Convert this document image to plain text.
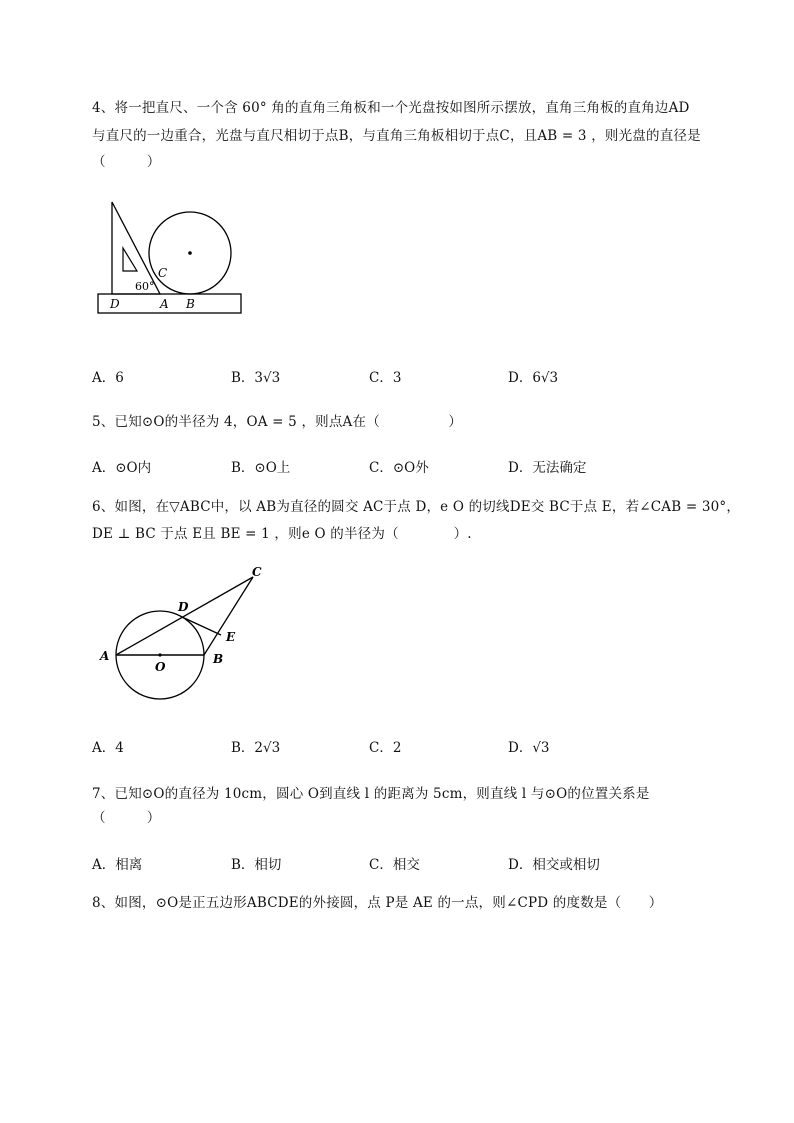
4、将一把直尺、一个含 60° 角的直角三角板和一个光盘按如图所示摆放，直角三角板的直角边AD
与直尺的一边重合，光盘与直尺相切于点B，与直角三角板相切于点C，且AB = 3 ，则光盘的直径是
（　　　）
C
60°
D	A B
A．6	B．3√3	C．3	D．6√3
5、已知⊙O的半径为 4，OA = 5 ，则点A在（　　　　　）
A．⊙O内	B．⊙O上	C．⊙O外	D．无法确定
6、如图，在▽ABC中，以 AB为直径的圆交 AC于点 D，e O 的切线DE交 BC于点 E，若∠CAB = 30°，
DE ⊥ BC 于点 E且 BE = 1 ，则e O 的半径为（　　　　）.
A
O
B
C
D
E
A．4	B．2√3	C．2	D．√3
7、已知⊙O的直径为 10cm，圆心 O到直线 l 的距离为 5cm，则直线 l 与⊙O的位置关系是
（　　　）
A．相离	B．相切	C．相交	D．相交或相切
8、如图，⊙O是正五边形ABCDE的外接圆，点 P是 AE 的一点，则∠CPD 的度数是（　　）
